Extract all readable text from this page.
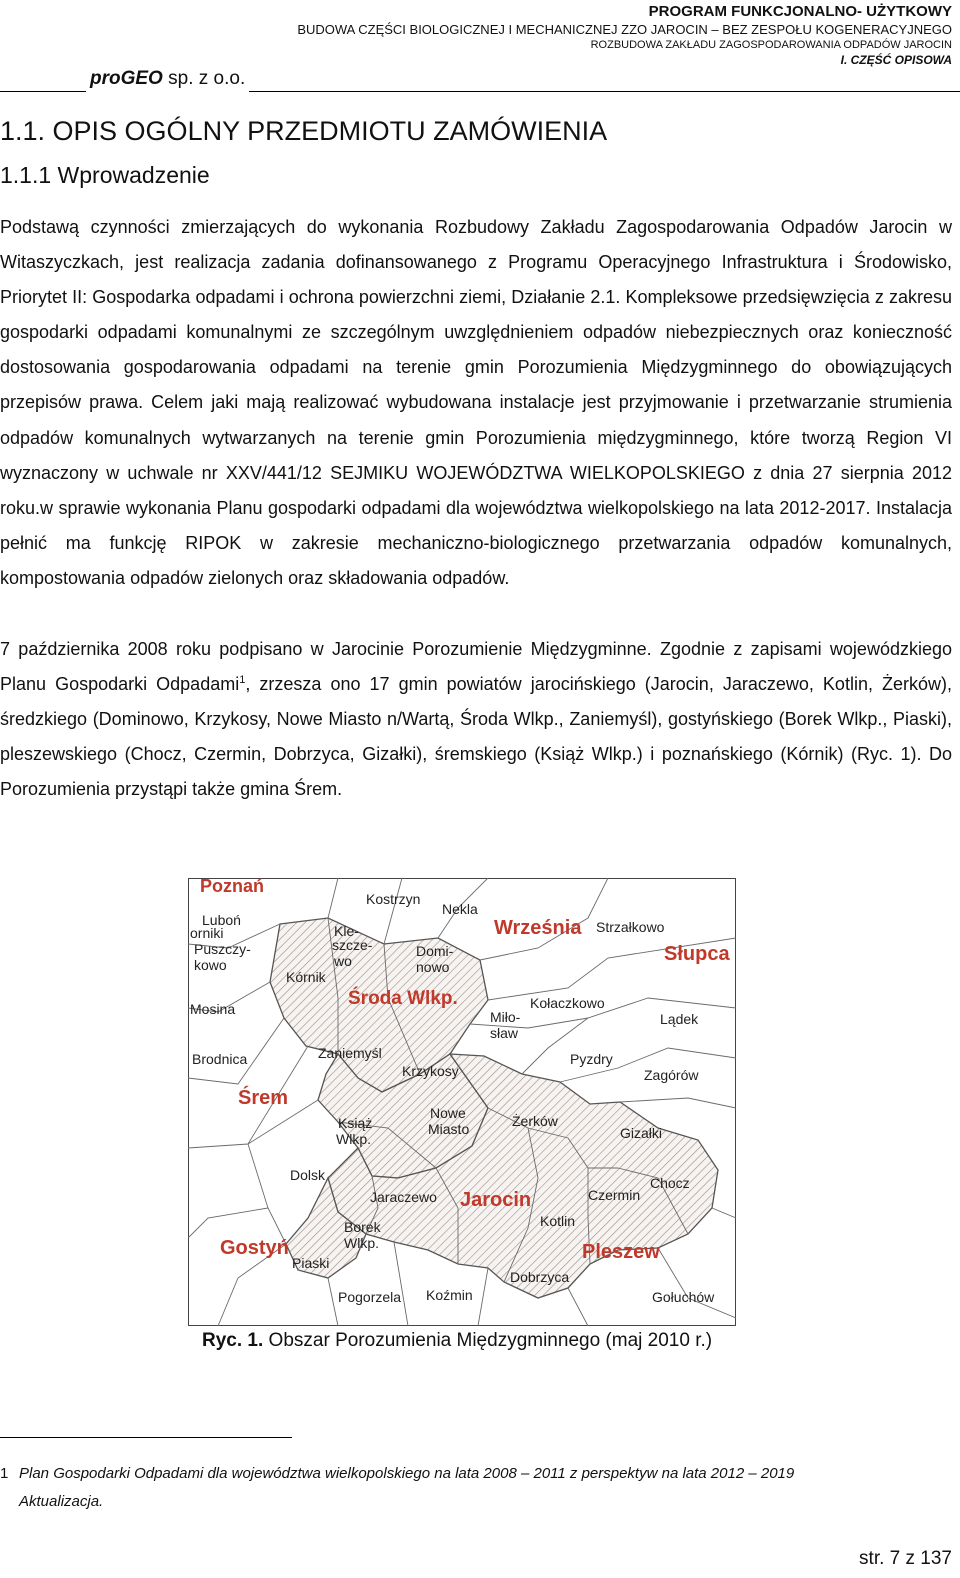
PROGRAM FUNKCJONALNO- UŻYTKOWY
BUDOWA CZĘŚCI BIOLOGICZNEJ I MECHANICZNEJ ZZO JAROCIN – BEZ ZESPOŁU KOGENERACYJNEGO
ROZBUDOWA ZAKŁADU ZAGOSPODAROWANIA ODPADÓW JAROCIN
I. CZĘŚĆ OPISOWA
proGEO sp. z o.o.
1.1. OPIS OGÓLNY PRZEDMIOTU ZAMÓWIENIA
1.1.1 Wprowadzenie

Podstawą czynności zmierzających do wykonania Rozbudowy Zakładu Zagospodarowania Odpadów Jarocin w Witaszyczkach, jest realizacja zadania dofinansowanego z Programu Operacyjnego Infrastruktura i Środowisko, Priorytet II: Gospodarka odpadami i ochrona powierzchni ziemi, Działanie 2.1. Kompleksowe przedsięwzięcia z zakresu gospodarki odpadami komunalnymi ze szczególnym uwzględnieniem odpadów niebezpiecznych oraz konieczność dostosowania gospodarowania odpadami na terenie gmin Porozumienia Międzygminnego do obowiązujących przepisów prawa. Celem jaki mają realizować wybudowana instalacje jest przyjmowanie i przetwarzanie strumienia odpadów komunalnych wytwarzanych na terenie gmin Porozumienia międzygminnego, które tworzą Region VI wyznaczony w uchwale nr XXV/441/12 SEJMIKU WOJEWÓDZTWA WIELKOPOLSKIEGO z dnia 27 sierpnia 2012 roku.w sprawie wykonania Planu gospodarki odpadami dla województwa wielkopolskiego na lata 2012-2017. Instalacja pełnić ma funkcję RIPOK w zakresie mechaniczno-biologicznego przetwarzania odpadów komunalnych, kompostowania odpadów zielonych oraz składowania odpadów.

7 października 2008 roku podpisano w Jarocinie Porozumienie Międzygminne. Zgodnie z zapisami wojewódzkiego Planu Gospodarki Odpadami$^1$, zrzesza ono 17 gmin powiatów jarocińskiego (Jarocin, Jaraczewo, Kotlin, Żerków), średzkiego (Dominowo, Krzykosy, Nowe Miasto n/Wartą, Środa Wlkp., Zaniemyśl), gostyńskiego (Borek Wlkp., Piaski), pleszewskiego (Chocz, Czermin, Dobrzyca, Gizałki), śremskiego (Książ Wlkp.) i poznańskiego (Kórnik) (Ryc. 1). Do Porozumienia przystąpi także gmina Śrem.

Poznań
Luboń
orniki
Puszczy-
kowo
Kostrzyn
Nekla
Września Strzałkowo
Słupca
Kle-
szcze-
wo
Domi-
nowo
Kórnik
Środa Wlkp.	Kołaczkowo
Mosina	Miło-
sław
Lądek
Brodnica	Zaniemyśl	Pyzdry
Krzykosy	Zagórów
Śrem
Książ
Wlkp.
Nowe
Miasto	Żerków
Gizałki
Dolsk	Chocz
Jaraczewo Jarocin	Czermin
Kotlin
Borek
Wlkp.
Gostyń	Pleszew
Piaski
Dobrzyca
Pogorzela Koźmin	Gołuchów
Ryc. 1. Obszar Porozumienia Międzygminnego (maj 2010 r.)
1 Plan Gospodarki Odpadami dla województwa wielkopolskiego na lata 2008 – 2011 z perspektyw na lata 2012 – 2019
Aktualizacja.
str. 7 z 137
